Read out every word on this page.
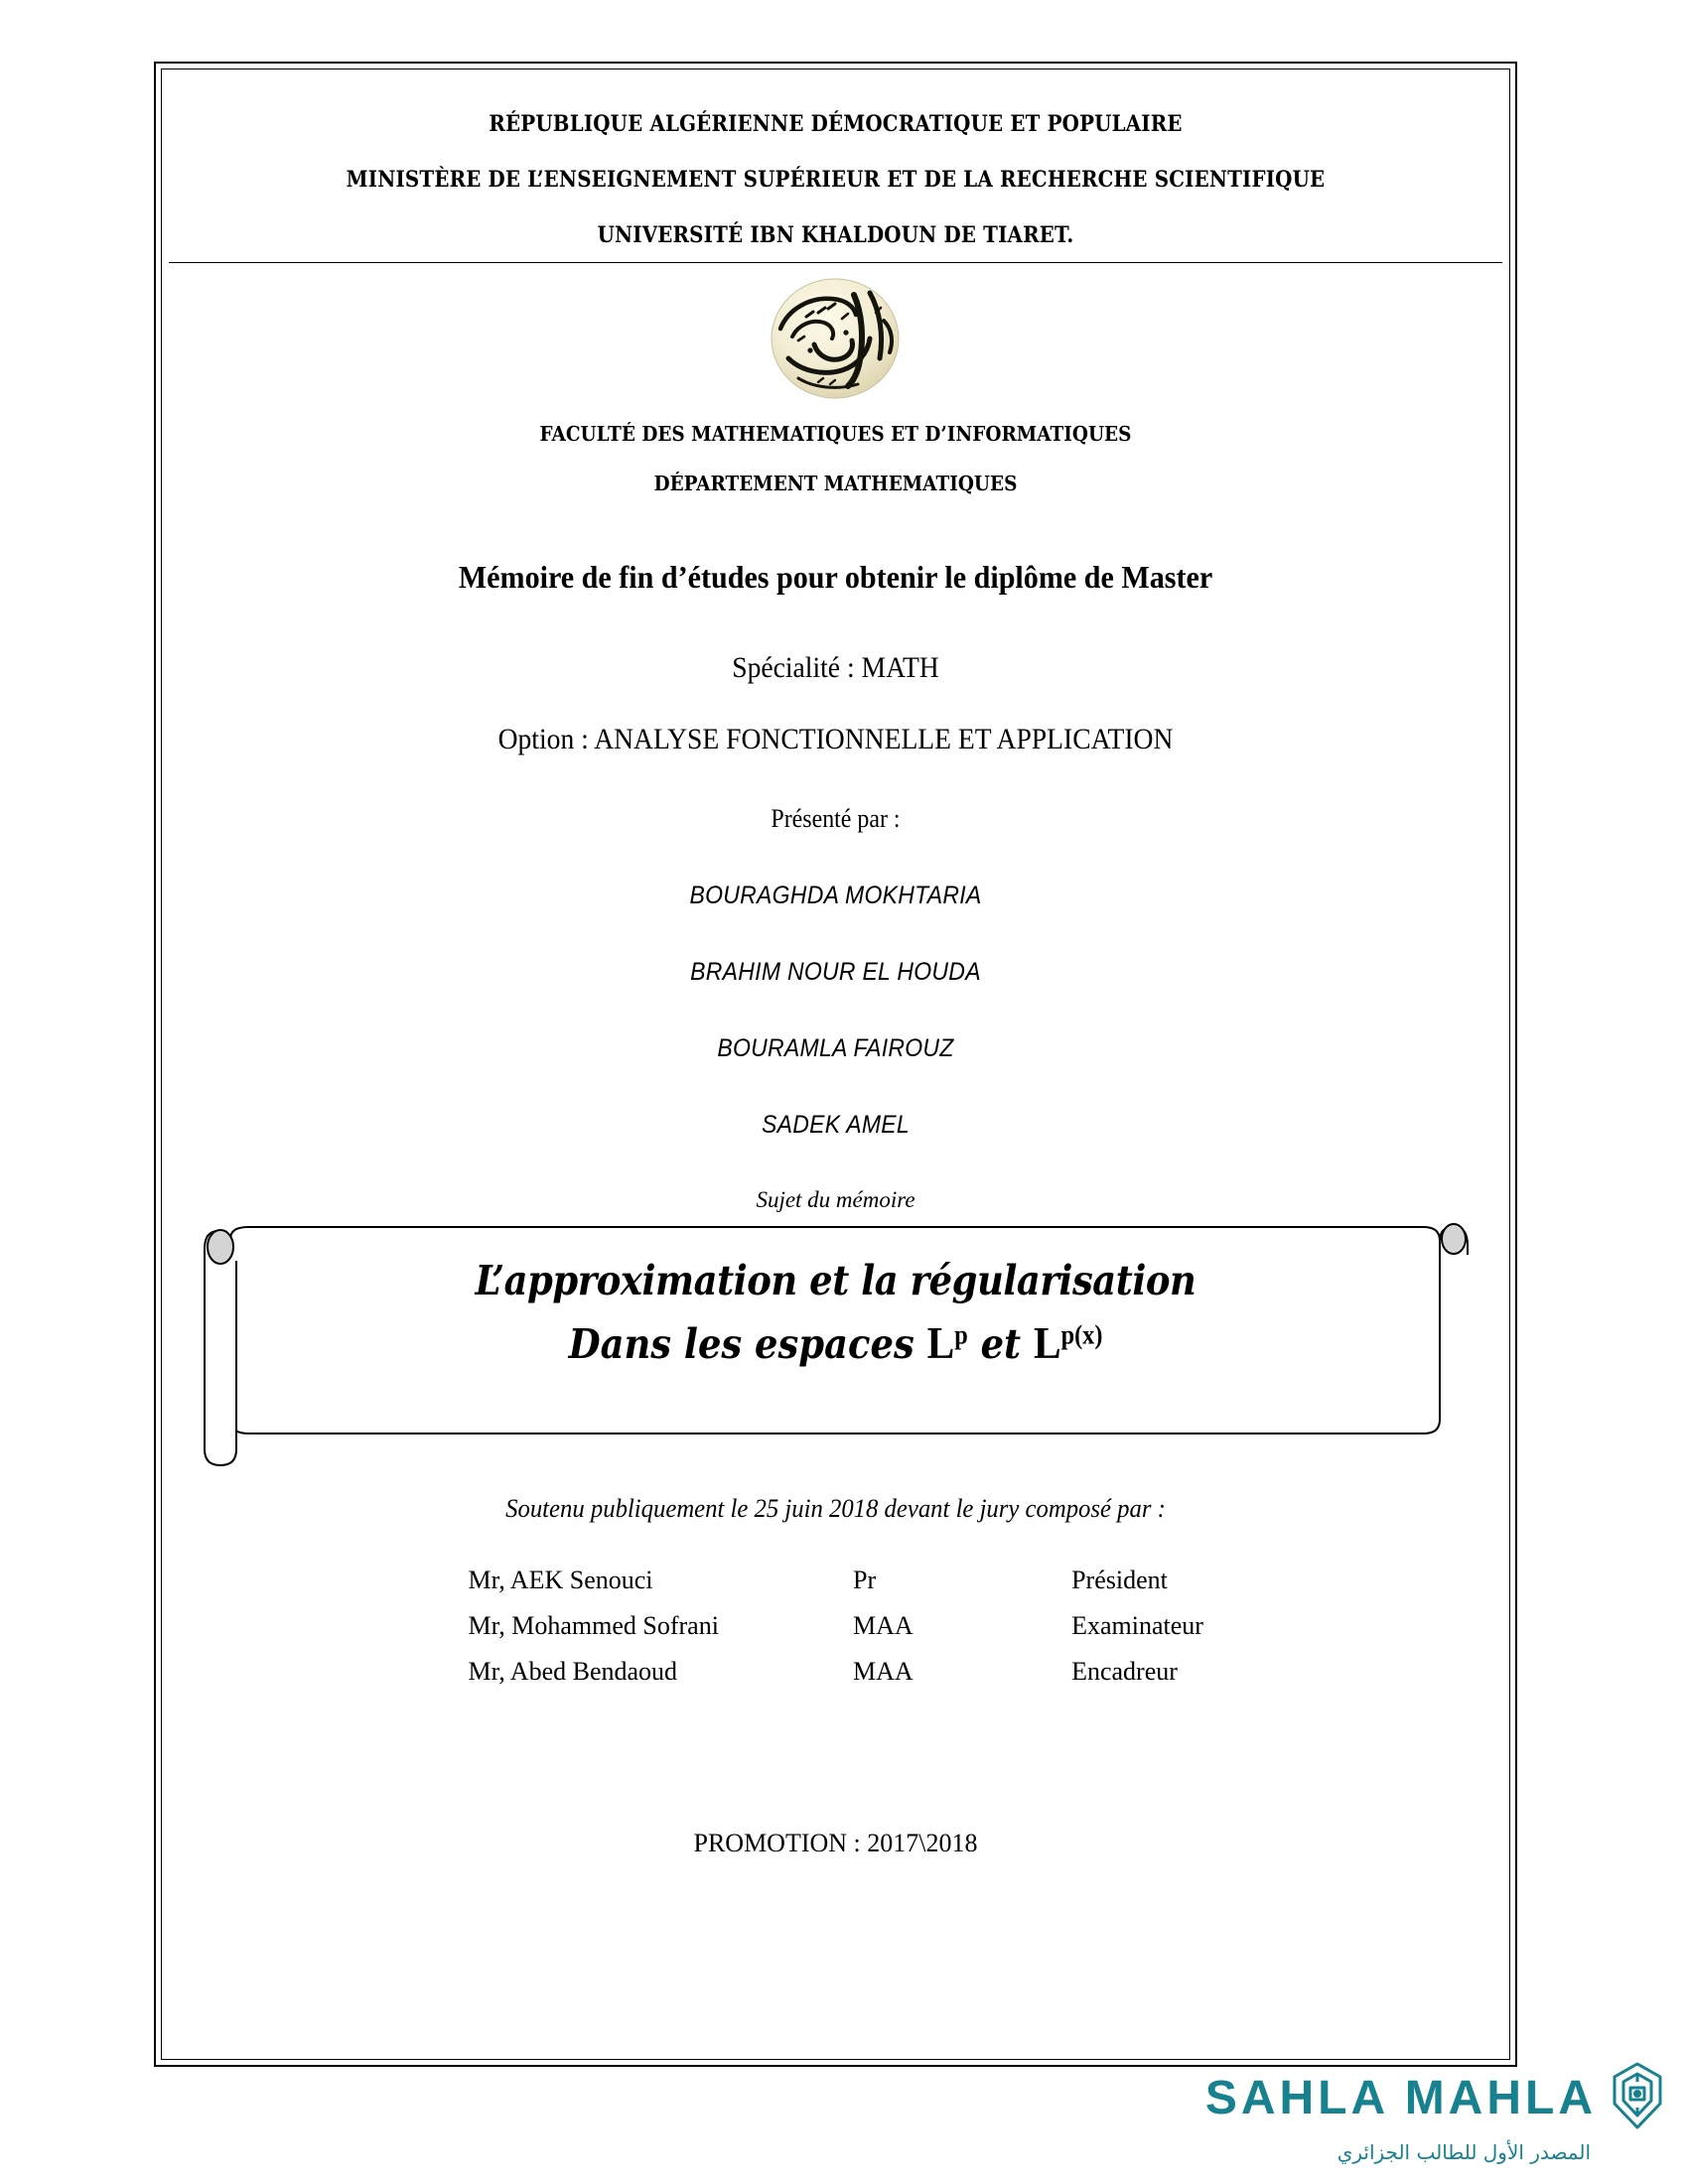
RÉPUBLIQUE ALGÉRIENNE DÉMOCRATIQUE ET POPULAIRE
MINISTÈRE DE L’ENSEIGNEMENT SUPÉRIEUR ET DE LA RECHERCHE SCIENTIFIQUE
UNIVERSITÉ IBN KHALDOUN DE TIARET.
FACULTÉ DES MATHEMATIQUES ET D’INFORMATIQUES
DÉPARTEMENT MATHEMATIQUES
Mémoire de fin d’études pour obtenir le diplôme de Master
Spécialité : MATH
Option : ANALYSE FONCTIONNELLE ET APPLICATION
Présenté par :
BOURAGHDA MOKHTARIA
BRAHIM NOUR EL HOUDA
BOURAMLA FAIROUZ
SADEK AMEL
Sujet du mémoire
L’approximation et la régularisation
Dans les espaces $L^p$ et $L^{p(x)}$
Soutenu publiquement le 25 juin 2018 devant le jury composé par :
Mr, AEK Senouci	Pr	Président
Mr, Mohammed Sofrani	MAA	Examinateur
Mr, Abed Bendaoud	MAA	Encadreur
PROMOTION : 2017\2018
SAHLA MAHLA
المصدر الأول للطالب الجزائري
